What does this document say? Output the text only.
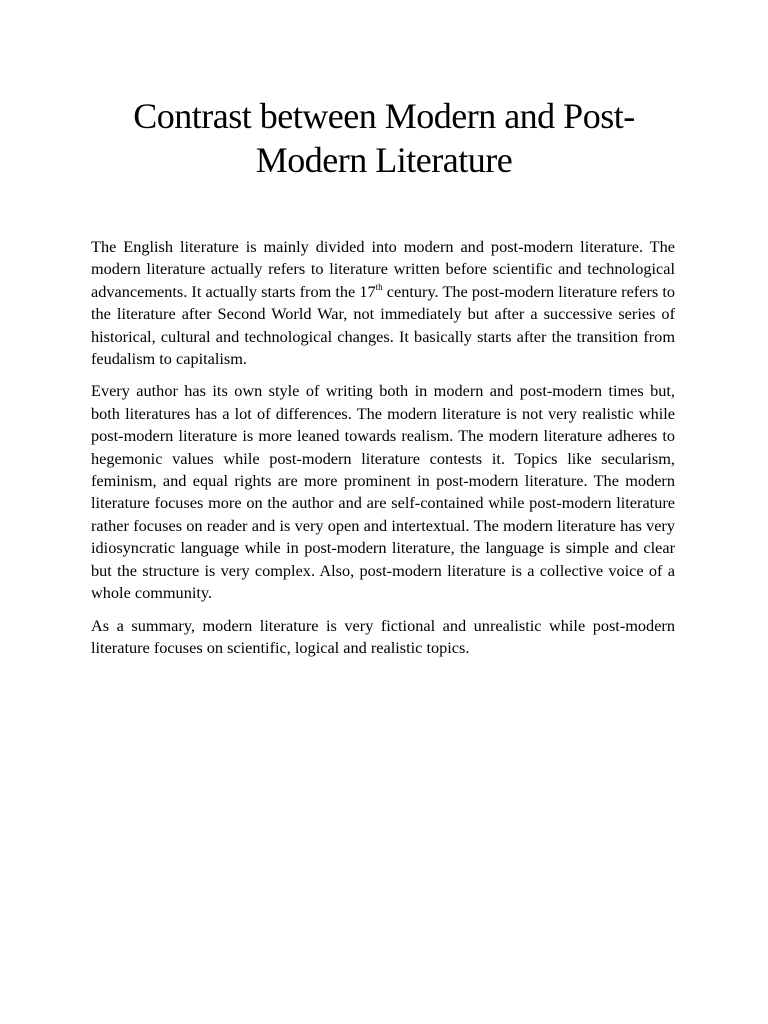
Contrast between Modern and Post-Modern Literature

The English literature is mainly divided into modern and post-modern literature. The modern literature actually refers to literature written before scientific and technological advancements. It actually starts from the 17th century. The post-modern literature refers to the literature after Second World War, not immediately but after a successive series of historical, cultural and technological changes. It basically starts after the transition from feudalism to capitalism.

Every author has its own style of writing both in modern and post-modern times but, both literatures has a lot of differences. The modern literature is not very realistic while post-modern literature is more leaned towards realism. The modern literature adheres to hegemonic values while post-modern literature contests it. Topics like secularism, feminism, and equal rights are more prominent in post-modern literature. The modern literature focuses more on the author and are self-contained while post-modern literature rather focuses on reader and is very open and intertextual. The modern literature has very idiosyncratic language while in post-modern literature, the language is simple and clear but the structure is very complex. Also, post-modern literature is a collective voice of a whole community.

As a summary, modern literature is very fictional and unrealistic while post-modern literature focuses on scientific, logical and realistic topics.
